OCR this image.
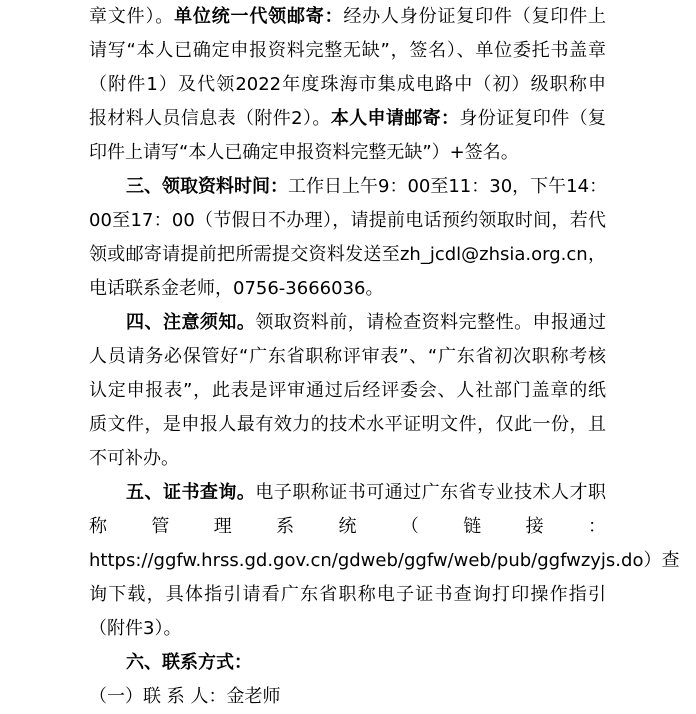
章文件）。单位统一代领邮寄：经办人身份证复印件（复印件上
请写“本人已确定申报资料完整无缺”，签名）、单位委托书盖章
（附件1）及代领2022年度珠海市集成电路中（初）级职称申
报材料人员信息表（附件2）。本人申请邮寄：身份证复印件（复
印件上请写“本人已确定申报资料完整无缺”）+签名。
三、领取资料时间：工作日上午9：00至11：30，下午14：
00至17：00（节假日不办理），请提前电话预约领取时间，若代
领或邮寄请提前把所需提交资料发送至zh_jcdl@zhsia.org.cn，
电话联系金老师，0756-3666036。
四、注意须知。领取资料前，请检查资料完整性。申报通过
人员请务必保管好“广东省职称评审表”、“广东省初次职称考核
认定申报表”，此表是评审通过后经评委会、人社部门盖章的纸
质文件，是申报人最有效力的技术水平证明文件，仅此一份，且
不可补办。
五、证书查询。电子职称证书可通过广东省专业技术人才职
称 管 理 系 统 （ 链 接 ：
https://ggfw.hrss.gd.gov.cn/gdweb/ggfw/web/pub/ggfwzyjs.do）查
询下载，具体指引请看广东省职称电子证书查询打印操作指引
（附件3）。
六、联系方式：
（一）联 系 人：金老师
